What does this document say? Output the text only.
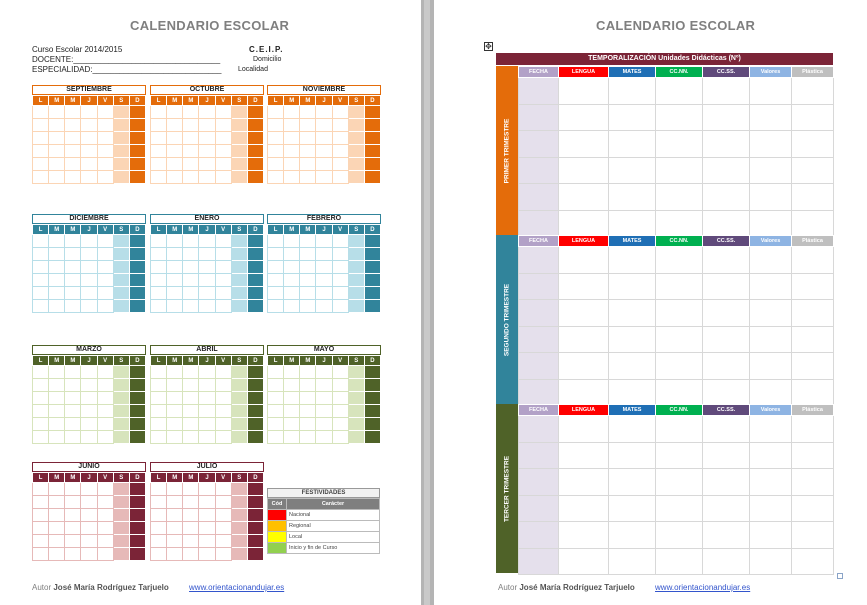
CALENDARIO ESCOLAR
Curso Escolar 2014/2015	C.E.I.P.
DOCENTE:_________________________________	Domicilio
ESPECIALIDAD:_____________________________ Localidad
SEPTIEMBRE
L	M	M	J	V	S	D

OCTUBRE
L	M	M	J	V	S	D

NOVIEMBRE
L	M	M	J	V	S	D

DICIEMBRE
L	M	M	J	V	S	D

ENERO
L	M	M	J	V	S	D

FEBRERO
L	M	M	J	V	S	D

MARZO
L	M	M	J	V	S	D

ABRIL
L	M	M	J	V	S	D

MAYO
L	M	M	J	V	S	D

JUNIO
L	M	M	J	V	S	D

JULIO
L	M	M	J	V	S	D

FESTIVIDADES
Cód	Carácter
	Nacional
	Regional
	Local
	Inicio y fin de Curso
Autor José María Rodríguez Tarjuelo	www.orientacionandujar.es
CALENDARIO ESCOLAR
✥
TEMPORALIZACIÓN Unidades Didácticas (Nº)
PRIMER TRIMESTRE
FECHA	LENGUA	MATES	CC.NN.	CC.SS.	Valores	Plástica

SEGUNDO TRIMESTRE
FECHA	LENGUA	MATES	CC.NN.	CC.SS.	Valores	Plástica

TERCER TRIMESTRE
FECHA	LENGUA	MATES	CC.NN.	CC.SS.	Valores	Plástica

Autor José María Rodríguez Tarjuelo	www.orientacionandujar.es
